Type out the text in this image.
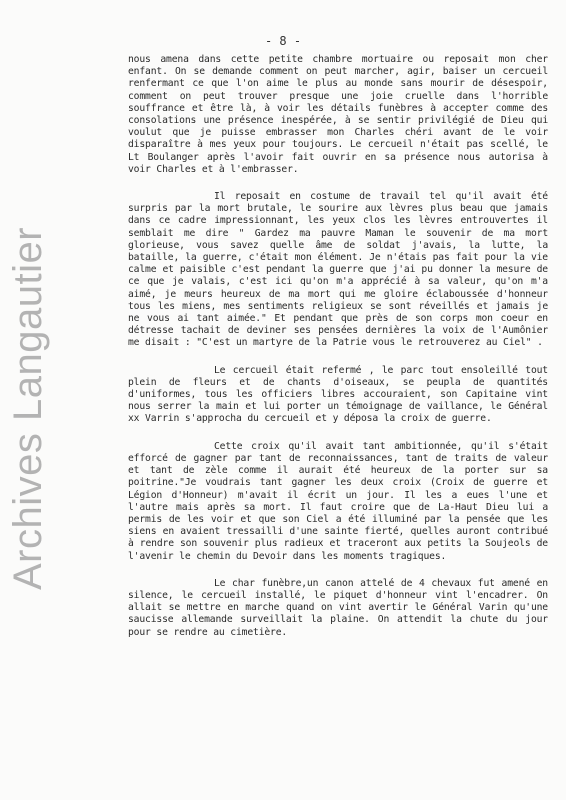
Archives Langautier
- 8 -

nous amena dans cette petite chambre mortuaire ou reposait mon cher enfant. On se demande comment on peut marcher, agir, baiser un cercueil renfermant ce que l'on aime le plus au monde sans mourir de désespoir, comment on peut trouver presque une joie cruelle dans l'horrible souffrance et être là, à voir les détails funèbres à accepter comme des consolations une présence inespérée, à se sentir privilégié de Dieu qui voulut que je puisse embrasser mon Charles chéri avant de le voir disparaître à mes yeux pour toujours. Le cercueil n'était pas scellé, le Lt Boulanger après l'avoir fait ouvrir en sa présence nous autorisa à voir Charles et à l'embrasser.

Il reposait en costume de travail tel qu'il avait été surpris par la mort brutale, le sourire aux lèvres plus beau que jamais dans ce cadre impressionnant, les yeux clos les lèvres entrouvertes il semblait me dire " Gardez ma pauvre Maman le souvenir de ma mort glorieuse, vous savez quelle âme de soldat j'avais, la lutte, la bataille, la guerre, c'était mon élément. Je n'étais pas fait pour la vie calme et paisible c'est pendant la guerre que j'ai pu donner la mesure de ce que je valais, c'est ici qu'on m'a apprécié à sa valeur, qu'on m'a aimé, je meurs heureux de ma mort qui me gloire éclaboussée d'honneur tous les miens, mes sentiments religieux se sont réveillés et jamais je ne vous ai tant aimée." Et pendant que près de son corps mon coeur en détresse tachait de deviner ses pensées dernières la voix de l'Aumônier me disait : "C'est un martyre de la Patrie vous le retrouverez au Ciel" .

Le cercueil était refermé , le parc tout ensoleillé tout plein de fleurs et de chants d'oiseaux, se peupla de quantités d'uniformes, tous les officiers libres accouraient, son Capitaine vint nous serrer la main et lui porter un témoignage de vaillance, le Général xx Varrin s'approcha du cercueil et y déposa la croix de guerre.

Cette croix qu'il avait tant ambitionnée, qu'il s'était efforcé de gagner par tant de reconnaissances, tant de traits de valeur et tant de zèle comme il aurait été heureux de la porter sur sa poitrine."Je voudrais tant gagner les deux croix (Croix de guerre et Légion d'Honneur) m'avait il écrit un jour. Il les a eues l'une et l'autre mais après sa mort. Il faut croire que de La-Haut Dieu lui a permis de les voir et que son Ciel a été illuminé par la pensée que les siens en avaient tressailli d'une sainte fierté, quelles auront contribué à rendre son souvenir plus radieux et traceront aux petits la Soujeols de l'avenir le chemin du Devoir dans les moments tragiques.

Le char funèbre,un canon attelé de 4 chevaux fut amené en silence, le cercueil installé, le piquet d'honneur vint l'encadrer. On allait se mettre en marche quand on vint avertir le Général Varin qu'une saucisse allemande surveillait la plaine. On attendit la chute du jour pour se rendre au cimetière.
